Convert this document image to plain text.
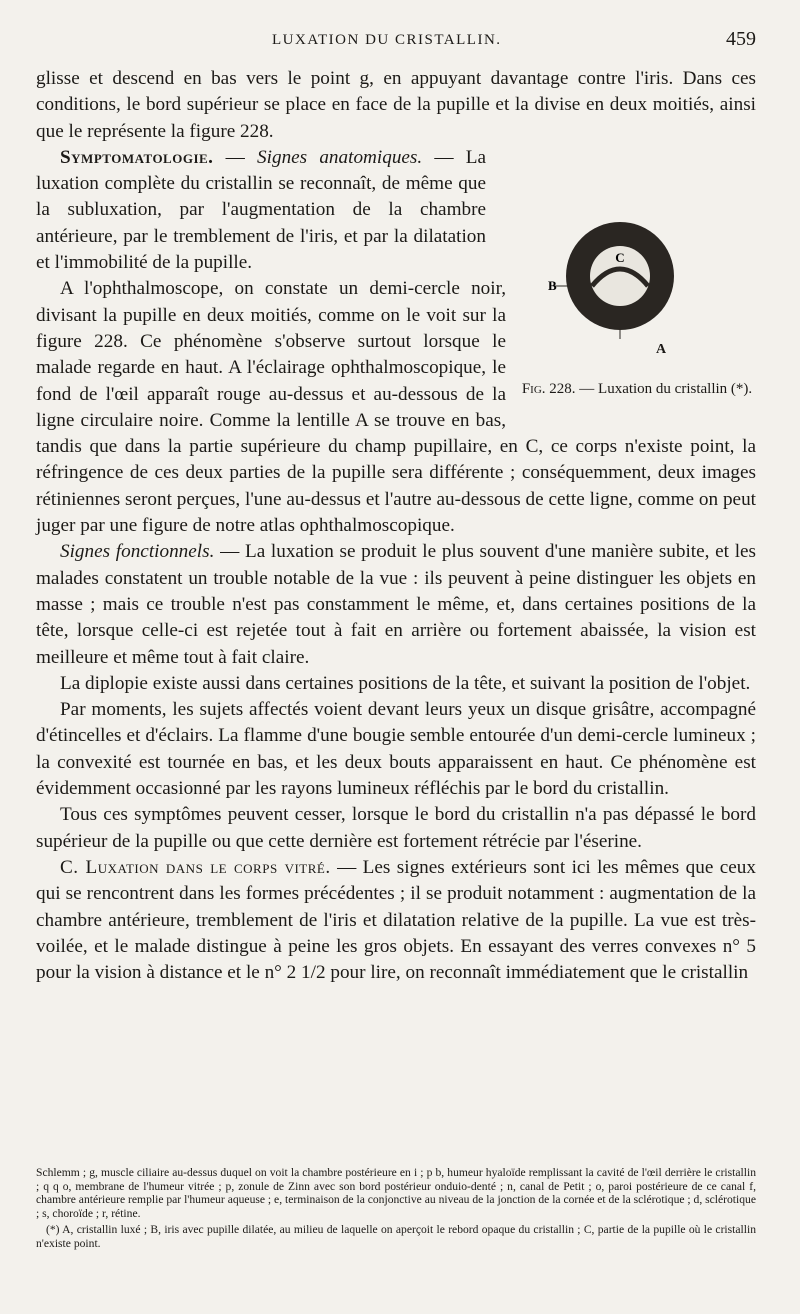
LUXATION DU CRISTALLIN.	459

glisse et descend en bas vers le point g, en appuyant davantage contre l'iris. Dans ces conditions, le bord supérieur se place en face de la pupille et la divise en deux moitiés, ainsi que le représente la figure 228.

Symptomatologie. — Signes anatomiques. — La luxation complète du cristallin se reconnaît, de même que la subluxation, par l'augmentation de la chambre antérieure, par le tremblement de l'iris, et par la dilatation et l'immobilité de la pupille.

A l'ophthalmoscope, on constate un demi-cercle noir, divisant la pupille en deux moitiés, comme on le voit sur la figure 228. Ce phénomène s'observe surtout lorsque le malade regarde en haut. A l'éclairage ophthalmoscopique, le fond de l'œil apparaît rouge au-dessus et au-dessous de la ligne circulaire noire. Comme la lentille A se trouve en bas, tandis que dans la partie supérieure du champ pupillaire, en C, ce corps n'existe point, la réfringence de ces deux parties de la pupille sera différente ; conséquemment, deux images rétiniennes seront perçues, l'une au-dessus et l'autre au-dessous de cette ligne, comme on peut juger par une figure de notre atlas ophthalmoscopique.

Signes fonctionnels. — La luxation se produit le plus souvent d'une manière subite, et les malades constatent un trouble notable de la vue : ils peuvent à peine distinguer les objets en masse ; mais ce trouble n'est pas constamment le même, et, dans certaines positions de la tête, lorsque celle-ci est rejetée tout à fait en arrière ou fortement abaissée, la vision est meilleure et même tout à fait claire.

La diplopie existe aussi dans certaines positions de la tête, et suivant la position de l'objet.

Par moments, les sujets affectés voient devant leurs yeux un disque grisâtre, accompagné d'étincelles et d'éclairs. La flamme d'une bougie semble entourée d'un demi-cercle lumineux ; la convexité est tournée en bas, et les deux bouts apparaissent en haut. Ce phénomène est évidemment occasionné par les rayons lumineux réfléchis par le bord du cristallin.

Tous ces symptômes peuvent cesser, lorsque le bord du cristallin n'a pas dépassé le bord supérieur de la pupille ou que cette dernière est fortement rétrécie par l'éserine.

C. Luxation dans le corps vitré. — Les signes extérieurs sont ici les mêmes que ceux qui se rencontrent dans les formes précédentes ; il se produit notamment : augmentation de la chambre antérieure, tremblement de l'iris et dilatation relative de la pupille. La vue est très-voilée, et le malade distingue à peine les gros objets. En essayant des verres convexes n° 5 pour la vision à distance et le n° 2 1/2 pour lire, on reconnaît immédiatement que le cristallin

C
B
A
Fig. 228. — Luxation du cristallin (*).

Schlemm ; g, muscle ciliaire au-dessus duquel on voit la chambre postérieure en i ; p b, humeur hyaloïde remplissant la cavité de l'œil derrière le cristallin ; q q o, membrane de l'humeur vitrée ; p, zonule de Zinn avec son bord postérieur onduio-denté ; n, canal de Petit ; o, paroi postérieure de ce canal f, chambre antérieure remplie par l'humeur aqueuse ; e, terminaison de la conjonctive au niveau de la jonction de la cornée et de la sclérotique ; d, sclérotique ; s, choroïde ; r, rétine.

(*) A, cristallin luxé ; B, iris avec pupille dilatée, au milieu de laquelle on aperçoit le rebord opaque du cristallin ; C, partie de la pupille où le cristallin n'existe point.
